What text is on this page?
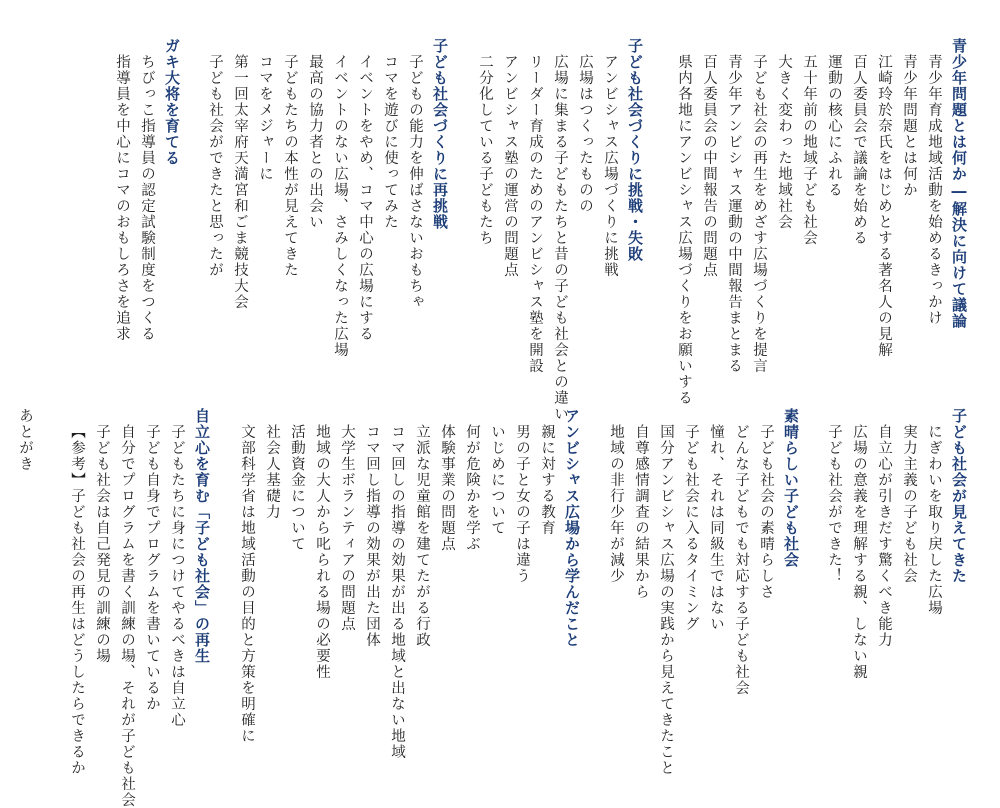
青少年問題とは何か―解決に向けて議論
青少年育成地域活動を始めるきっかけ
青少年問題とは何か
江崎玲於奈氏をはじめとする著名人の見解
百人委員会で議論を始める
運動の核心にふれる
五十年前の地域子ども社会
大きく変わった地域社会
子ども社会の再生をめざす広場づくりを提言
青少年アンビシャス運動の中間報告まとまる
百人委員会の中間報告の問題点
県内各地にアンビシャス広場づくりをお願いする
子ども社会づくりに挑戦・失敗
アンビシャス広場づくりに挑戦
広場はつくったものの
広場に集まる子どもたちと昔の子ども社会との違い
リーダー育成のためのアンビシャス塾を開設
アンビシャス塾の運営の問題点
二分化している子どもたち
子ども社会づくりに再挑戦
子どもの能力を伸ばさないおもちゃ
コマを遊びに使ってみた
イベントをやめ、コマ中心の広場にする
イベントのない広場、さみしくなった広場
最高の協力者との出会い
子どもたちの本性が見えてきた
コマをメジャーに
第一回太宰府天満宮和ごま競技大会
子ども社会ができたと思ったが
ガキ大将を育てる
ちびっこ指導員の認定試験制度をつくる
指導員を中心にコマのおもしろさを追求
子ども社会が見えてきた
にぎわいを取り戻した広場
実力主義の子ども社会
自立心が引きだす驚くべき能力
広場の意義を理解する親、しない親
子ども社会ができた！
素晴らしい子ども社会
子ども社会の素晴らしさ
どんな子どもでも対応する子ども社会
憧れ、それは同級生ではない
子ども社会に入るタイミング
国分アンビシャス広場の実践から見えてきたこと
自尊感情調査の結果から
地域の非行少年が減少
アンビシャス広場から学んだこと
親に対する教育
男の子と女の子は違う
いじめについて
何が危険かを学ぶ
体験事業の問題点
立派な児童館を建てたがる行政
コマ回しの指導の効果が出る地域と出ない地域
コマ回し指導の効果が出た団体
大学生ボランティアの問題点
地域の大人から叱られる場の必要性
活動資金について
社会人基礎力
文部科学省は地域活動の目的と方策を明確に
自立心を育む「子ども社会」の再生
子どもたちに身につけてやるべきは自立心
子ども自身でプログラムを書いているか
自分でプログラムを書く訓練の場、それが子ども社会
子ども社会は自己発見の訓練の場
【参考】子ども社会の再生はどうしたらできるか
あとがき
